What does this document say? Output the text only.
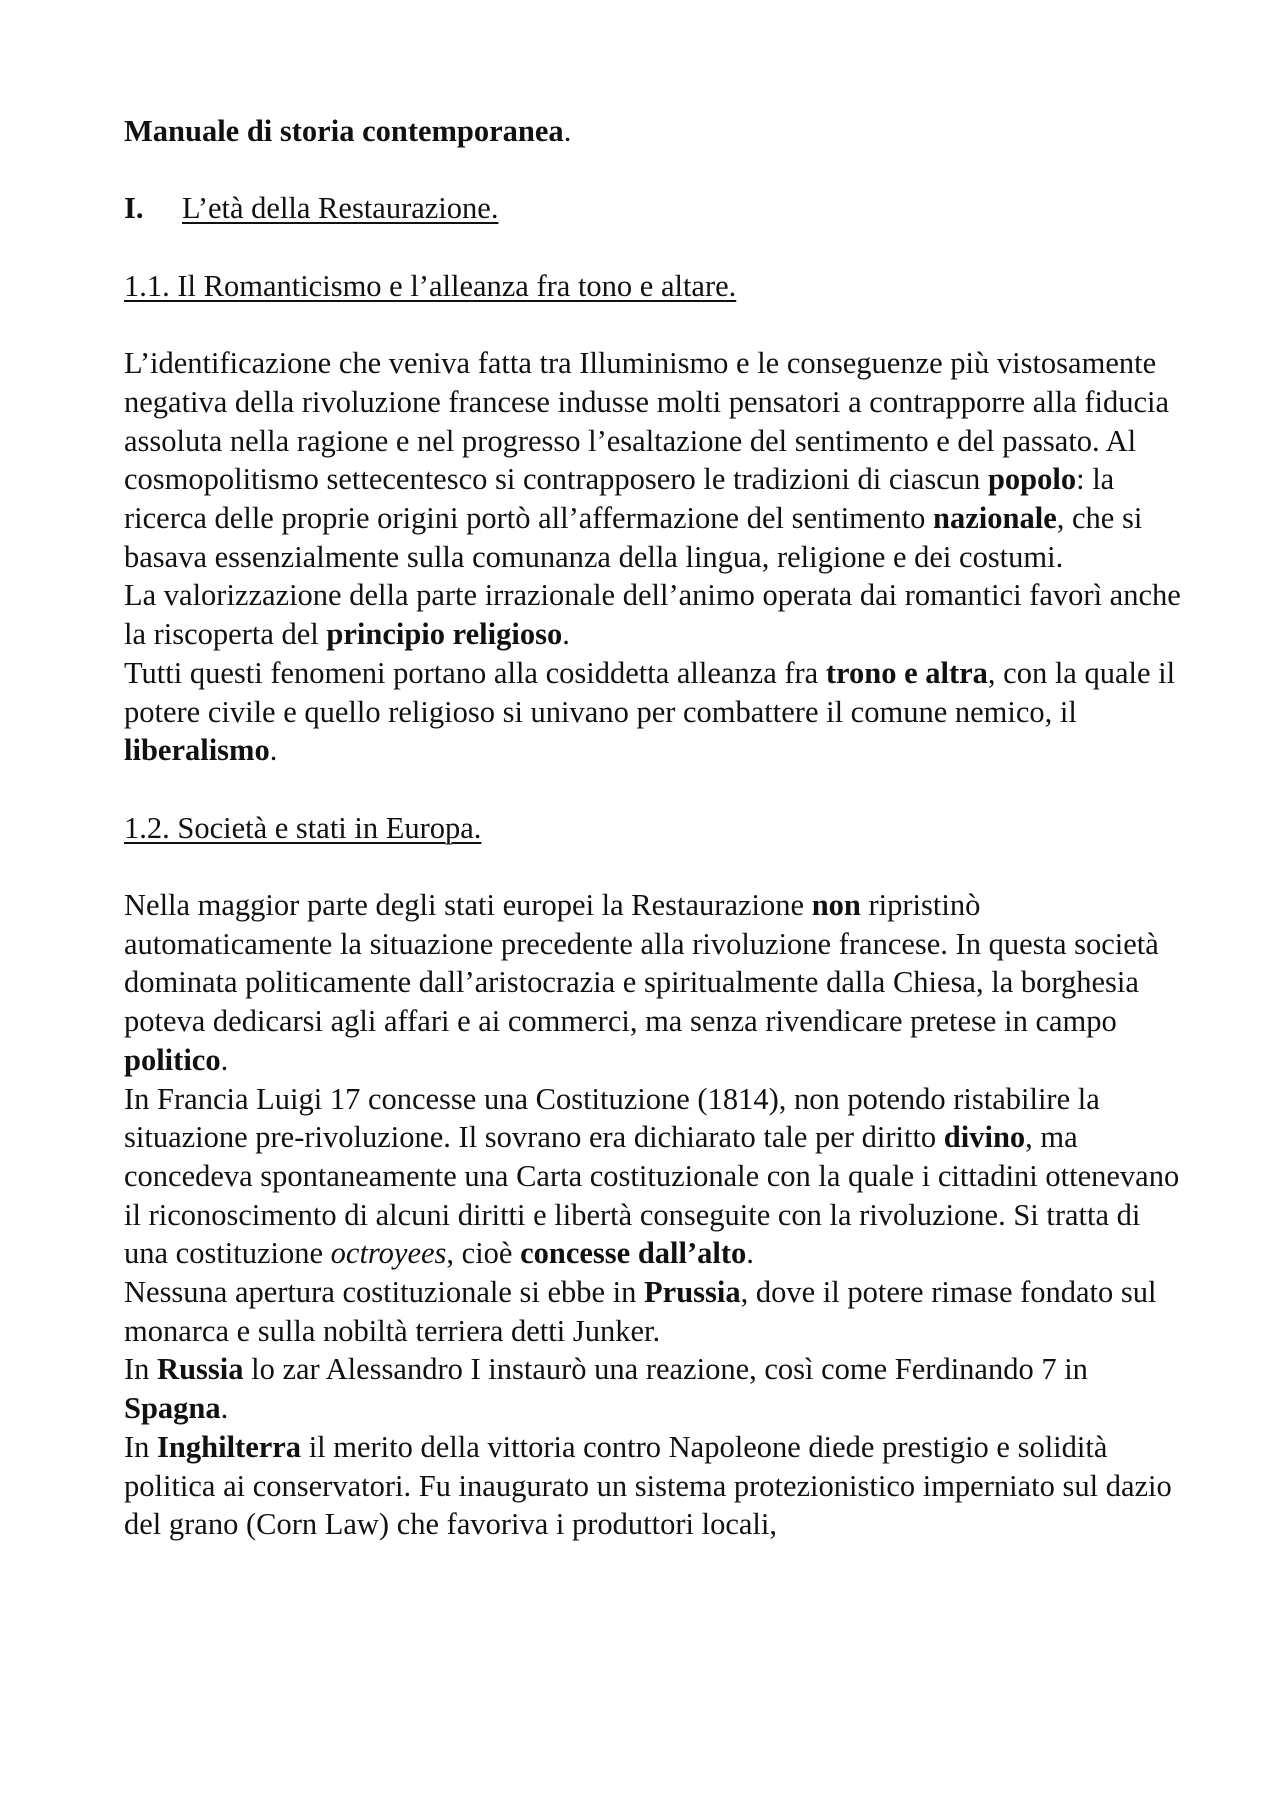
Manuale di storia contemporanea.

I. L’età della Restaurazione.

1.1. Il Romanticismo e l’alleanza fra tono e altare.

L’identificazione che veniva fatta tra Illuminismo e le conseguenze più vistosamente negativa della rivoluzione francese indusse molti pensatori a contrapporre alla fiducia assoluta nella ragione e nel progresso l’esaltazione del sentimento e del passato. Al cosmopolitismo settecentesco si contrapposero le tradizioni di ciascun popolo: la ricerca delle proprie origini portò all’affermazione del sentimento nazionale, che si basava essenzialmente sulla comunanza della lingua, religione e dei costumi.

La valorizzazione della parte irrazionale dell’animo operata dai romantici favorì anche la riscoperta del principio religioso.

Tutti questi fenomeni portano alla cosiddetta alleanza fra trono e altra, con la quale il potere civile e quello religioso si univano per combattere il comune nemico, il liberalismo.

1.2. Società e stati in Europa.

Nella maggior parte degli stati europei la Restaurazione non ripristinò automaticamente la situazione precedente alla rivoluzione francese. In questa società dominata politicamente dall’aristocrazia e spiritualmente dalla Chiesa, la borghesia poteva dedicarsi agli affari e ai commerci, ma senza rivendicare pretese in campo politico.

In Francia Luigi 17 concesse una Costituzione (1814), non potendo ristabilire la situazione pre-rivoluzione. Il sovrano era dichiarato tale per diritto divino, ma concedeva spontaneamente una Carta costituzionale con la quale i cittadini ottenevano il riconoscimento di alcuni diritti e libertà conseguite con la rivoluzione. Si tratta di una costituzione octroyees, cioè concesse dall’alto.

Nessuna apertura costituzionale si ebbe in Prussia, dove il potere rimase fondato sul monarca e sulla nobiltà terriera detti Junker.

In Russia lo zar Alessandro I instaurò una reazione, così come Ferdinando 7 in Spagna.

In Inghilterra il merito della vittoria contro Napoleone diede prestigio e solidità politica ai conservatori. Fu inaugurato un sistema protezionistico imperniato sul dazio del grano (Corn Law) che favoriva i produttori locali,
